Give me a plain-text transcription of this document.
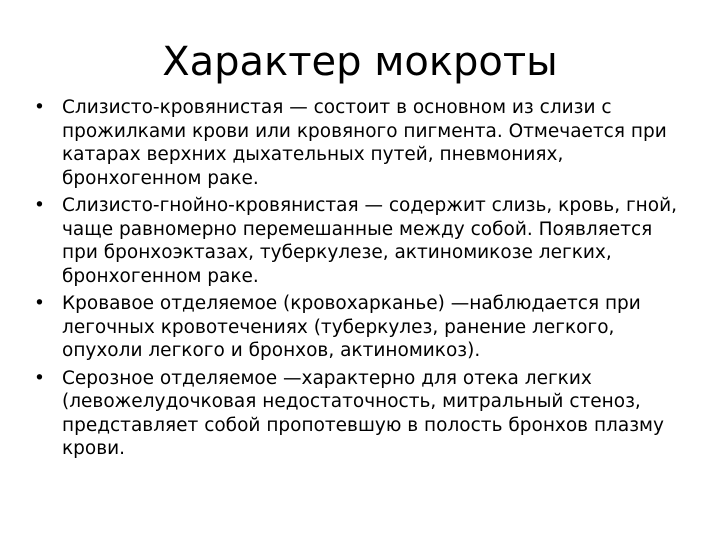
Характер мокроты
• Слизисто-кровянистая — состоит в основном из слизи с прожилками крови или кровяного пигмента. Отмечается при катарах верхних дыхательных путей, пневмониях, бронхогенном раке.
• Слизисто-гнойно-кровянистая — содержит слизь, кровь, гной, чаще равномерно перемешанные между собой. Появляется при бронхоэктазах, туберкулезе, актиномикозе легких, бронхогенном раке.
• Кровавое отделяемое (кровохарканье) —наблюдается при легочных кровотечениях (туберкулез, ранение легкого, опухоли легкого и бронхов, актиномикоз).
• Серозное отделяемое —характерно для отека легких (левожелудочковая недостаточность, митральный стеноз, представляет собой пропотевшую в полость бронхов плазму крови.
